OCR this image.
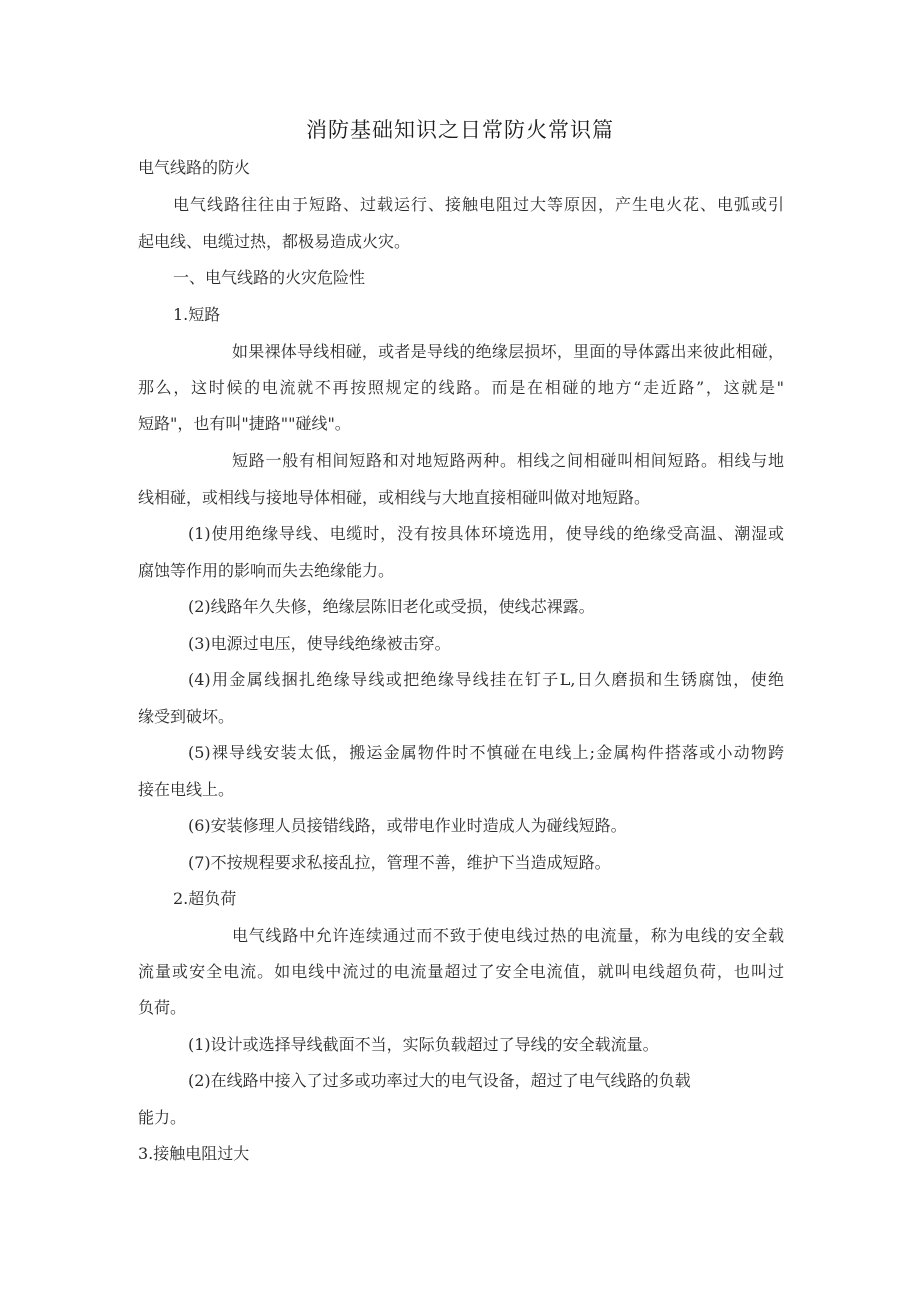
消防基础知识之日常防火常识篇
电气线路的防火
电气线路往往由于短路、过载运行、接触电阻过大等原因，产生电火花、电弧或引
起电线、电缆过热，都极易造成火灾。
一、电气线路的火灾危险性
1.短路
如果裸体导线相碰，或者是导线的绝缘层损坏，里面的导体露出来彼此相碰，
那么，这时候的电流就不再按照规定的线路。而是在相碰的地方“走近路”，这就是"
短路"，也有叫"捷路""碰线"。
短路一般有相间短路和对地短路两种。相线之间相碰叫相间短路。相线与地
线相碰，或相线与接地导体相碰，或相线与大地直接相碰叫做对地短路。
(1)使用绝缘导线、电缆时，没有按具体环境选用，使导线的绝缘受高温、潮湿或
腐蚀等作用的影响而失去绝缘能力。
(2)线路年久失修，绝缘层陈旧老化或受损，使线芯裸露。
(3)电源过电压，使导线绝缘被击穿。
(4)用金属线捆扎绝缘导线或把绝缘导线挂在钉子L,日久磨损和生锈腐蚀，使绝
缘受到破坏。
(5)裸导线安装太低，搬运金属物件时不慎碰在电线上;金属构件搭落或小动物跨
接在电线上。
(6)安装修理人员接错线路，或带电作业时造成人为碰线短路。
(7)不按规程要求私接乱拉，管理不善，维护下当造成短路。
2.超负荷
电气线路中允许连续通过而不致于使电线过热的电流量，称为电线的安全载
流量或安全电流。如电线中流过的电流量超过了安全电流值，就叫电线超负荷，也叫过
负荷。
(1)设计或选择导线截面不当，实际负载超过了导线的安全载流量。
(2)在线路中接入了过多或功率过大的电气设备，超过了电气线路的负载
能力。
3.接触电阻过大
